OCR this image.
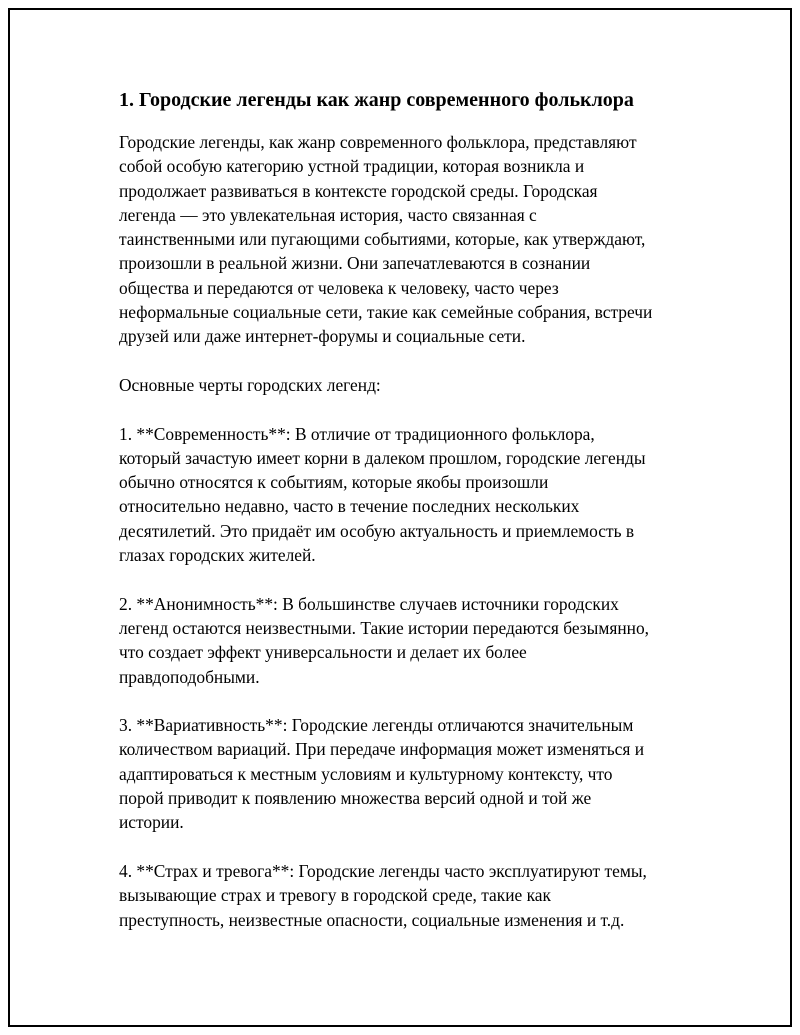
1. Городские легенды как жанр современного фольклора
Городские легенды, как жанр современного фольклора, представляют
собой особую категорию устной традиции, которая возникла и
продолжает развиваться в контексте городской среды. Городская
легенда — это увлекательная история, часто связанная с
таинственными или пугающими событиями, которые, как утверждают,
произошли в реальной жизни. Они запечатлеваются в сознании
общества и передаются от человека к человеку, часто через
неформальные социальные сети, такие как семейные собрания, встречи
друзей или даже интернет-форумы и социальные сети.
Основные черты городских легенд:
1. **Современность**: В отличие от традиционного фольклора,
который зачастую имеет корни в далеком прошлом, городские легенды
обычно относятся к событиям, которые якобы произошли
относительно недавно, часто в течение последних нескольких
десятилетий. Это придаёт им особую актуальность и приемлемость в
глазах городских жителей.
2. **Анонимность**: В большинстве случаев источники городских
легенд остаются неизвестными. Такие истории передаются безымянно,
что создает эффект универсальности и делает их более
правдоподобными.
3. **Вариативность**: Городские легенды отличаются значительным
количеством вариаций. При передаче информация может изменяться и
адаптироваться к местным условиям и культурному контексту, что
порой приводит к появлению множества версий одной и той же
истории.
4. **Страх и тревога**: Городские легенды часто эксплуатируют темы,
вызывающие страх и тревогу в городской среде, такие как
преступность, неизвестные опасности, социальные изменения и т.д.
